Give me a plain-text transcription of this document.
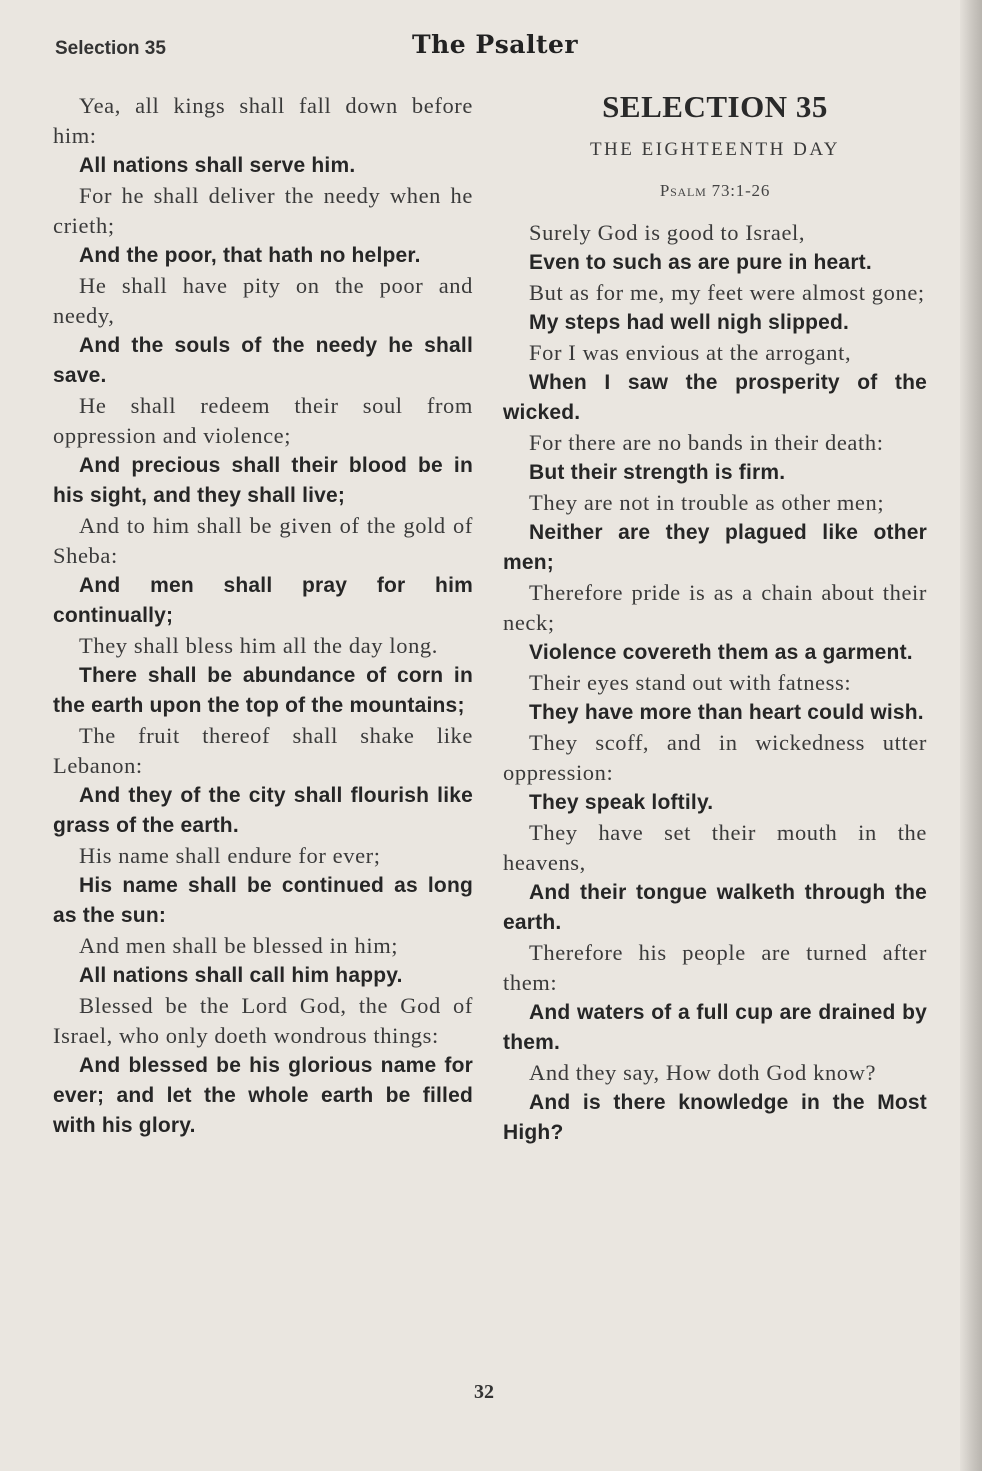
Selection 35	The Psalter

Yea, all kings shall fall down before him:

All nations shall serve him.

For he shall deliver the needy when he crieth;

And the poor, that hath no helper.

He shall have pity on the poor and needy,

And the souls of the needy he shall save.

He shall redeem their soul from oppression and violence;

And precious shall their blood be in his sight, and they shall live;

And to him shall be given of the gold of Sheba:

And men shall pray for him continually;

They shall bless him all the day long.

There shall be abundance of corn in the earth upon the top of the mountains;

The fruit thereof shall shake like Lebanon:

And they of the city shall flourish like grass of the earth.

His name shall endure for ever;

His name shall be continued as long as the sun:

And men shall be blessed in him;

All nations shall call him happy.

Blessed be the Lord God, the God of Israel, who only doeth wondrous things:

And blessed be his glorious name for ever; and let the whole earth be filled with his glory.

SELECTION 35
THE EIGHTEENTH DAY
Psalm 73:1-26

Surely God is good to Israel,

Even to such as are pure in heart.

But as for me, my feet were almost gone;

My steps had well nigh slipped.

For I was envious at the arrogant,

When I saw the prosperity of the wicked.

For there are no bands in their death:

But their strength is firm.

They are not in trouble as other men;

Neither are they plagued like other men;

Therefore pride is as a chain about their neck;

Violence covereth them as a garment.

Their eyes stand out with fatness:

They have more than heart could wish.

They scoff, and in wickedness utter oppression:

They speak loftily.

They have set their mouth in the heavens,

And their tongue walketh through the earth.

Therefore his people are turned after them:

And waters of a full cup are drained by them.

And they say, How doth God know?

And is there knowledge in the Most High?

32
